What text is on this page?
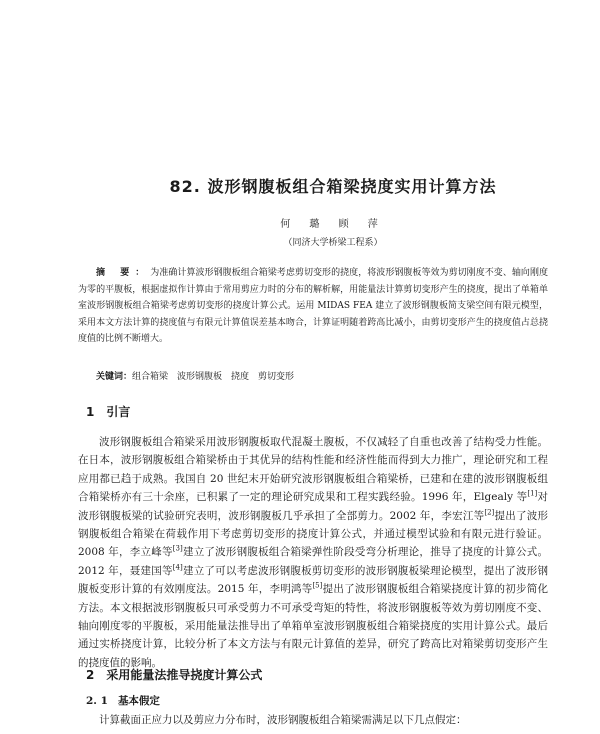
82. 波形钢腹板组合箱梁挠度实用计算方法
何 璐 顾 萍
（同济大学桥梁工程系）
摘 要：为准确计算波形钢腹板组合箱梁考虑剪切变形的挠度，将波形钢腹板等效为剪切刚度不变、轴向刚度为零的平腹板，根据虚拟作计算由于常用剪应力时的分布的解析解，用能量法计算剪切变形产生的挠度，提出了单箱单室波形钢腹板组合箱梁考虑剪切变形的挠度计算公式。运用 MIDAS FEA 建立了波形钢腹板简支梁空间有限元模型，采用本文方法计算的挠度值与有限元计算值误差基本吻合，计算证明随着跨高比减小，由剪切变形产生的挠度值占总挠度值的比例不断增大。
关键词：组合箱梁　波形钢腹板　挠度　剪切变形
1 引言
波形钢腹板组合箱梁采用波形钢腹板取代混凝土腹板，不仅减轻了自重也改善了结构受力性能。在日本，波形钢腹板组合箱梁桥由于其优异的结构性能和经济性能而得到大力推广，理论研究和工程应用都已趋于成熟。我国自 20 世纪末开始研究波形钢腹板组合箱梁桥，已建和在建的波形钢腹板组合箱梁桥亦有三十余座，已积累了一定的理论研究成果和工程实践经验。1996 年，Elgealy 等[1]对波形钢腹板梁的试验研究表明，波形钢腹板几乎承担了全部剪力。2002 年，李宏江等[2]提出了波形钢腹板组合箱梁在荷载作用下考虑剪切变形的挠度计算公式，并通过模型试验和有限元进行验证。2008 年，李立峰等[3]建立了波形钢腹板组合箱梁弹性阶段受弯分析理论，推导了挠度的计算公式。2012 年，聂建国等[4]建立了可以考虑波形钢腹板剪切变形的波形钢腹板梁理论模型，提出了波形钢腹板变形计算的有效刚度法。2015 年，李明鸿等[5]提出了波形钢腹板组合箱梁挠度计算的初步简化方法。本文根据波形钢腹板只可承受剪力不可承受弯矩的特性，将波形钢腹板等效为剪切刚度不变、轴向刚度零的平腹板，采用能量法推导出了单箱单室波形钢腹板组合箱梁挠度的实用计算公式。最后通过实桥挠度计算，比较分析了本文方法与有限元计算值的差异，研究了跨高比对箱梁剪切变形产生的挠度值的影响。
2 采用能量法推导挠度计算公式
2. 1 基本假定
计算截面正应力以及剪应力分布时，波形钢腹板组合箱梁需满足以下几点假定：
